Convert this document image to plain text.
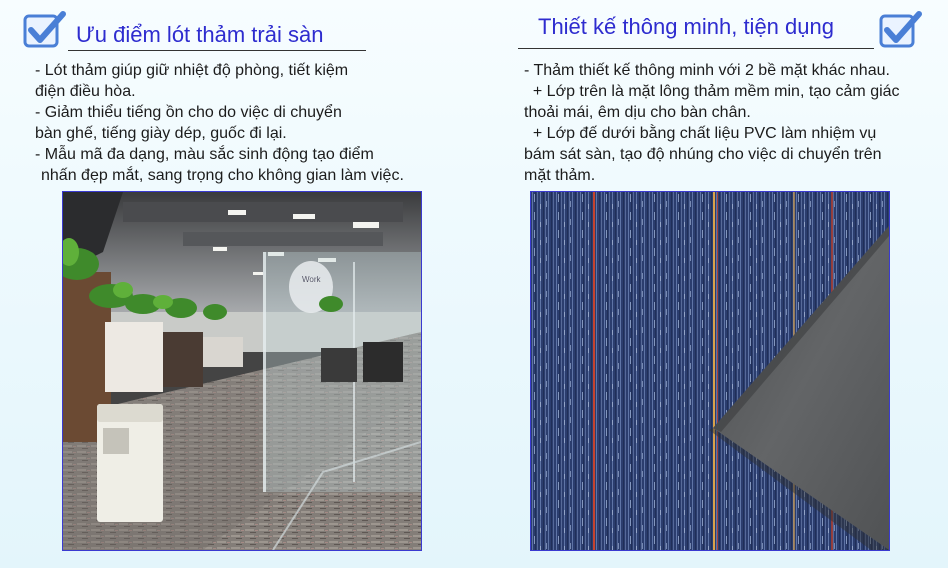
Ưu điểm lót thảm trải sàn
- Lót thảm giúp giữ nhiệt độ phòng, tiết kiệm
điện điều hòa.
- Giảm thiểu tiếng ồn cho do việc di chuyển
bàn ghế, tiếng giày dép, guốc đi lại.
- Mẫu mã đa dạng, màu sắc sinh động tạo điểm
nhấn đẹp mắt, sang trọng cho không gian làm việc.
Work
Thiết kế thông minh, tiện dụng
- Thảm thiết kế thông minh với 2 bề mặt khác nhau.
+ Lớp trên là mặt lông thảm mềm min, tạo cảm giác
thoải mái, êm dịu cho bàn chân.
+ Lớp đế dưới bằng chất liệu PVC làm nhiệm vụ
bám sát sàn, tạo độ nhúng cho việc di chuyển trên
mặt thảm.
